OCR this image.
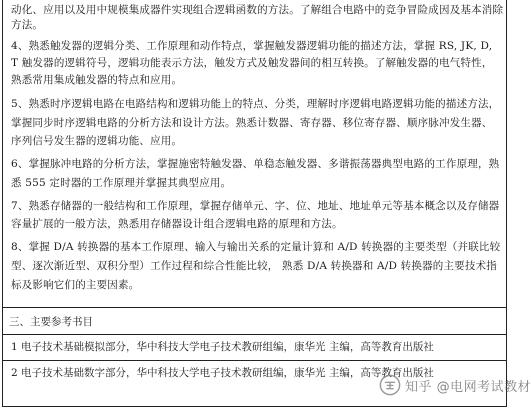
动化、应用以及用中规模集成器件实现组合逻辑函数的方法。了解组合电路中的竞争冒险成因及基本消除
方法。
4、熟悉触发器的逻辑分类、工作原理和动作特点，掌握触发器逻辑功能的描述方法，掌握 RS, JK, D,
T 触发器的逻辑符号，逻辑功能表示方法，触发方式及触发器间的相互转换。了解触发器的电气特性，
熟悉常用集成触发器的特点和应用。
5、熟悉时序逻辑电路在电路结构和逻辑功能上的特点、分类，理解时序逻辑电路逻辑功能的描述方法，
掌握同步时序逻辑电路的分析方法和设计方法。熟悉计数器、寄存器、移位寄存器、顺序脉冲发生器、
序列信号发生器的逻辑功能、应用。
6、掌握脉冲电路的分析方法，掌握施密特触发器、单稳态触发器、多谐振荡器典型电路的工作原理，熟
悉 555 定时器的工作原理并掌握其典型应用。
7、熟悉存储器的一般结构和工作原理，掌握存储单元、字、位、地址、地址单元等基本概念以及存储器
容量扩展的一般方法，熟悉用存储器设计组合逻辑电路的原理和方法。
8、掌握 D/A 转换器的基本工作原理、输入与输出关系的定量计算和 A/D 转换器的主要类型（并联比较
型、逐次渐近型、双积分型）工作过程和综合性能比较， 熟悉 D/A 转换器和 A/D 转换器的主要技术指
标及影响它们的主要因素。
三、主要参考书目
1 电子技术基础模拟部分，华中科技大学电子技术教研组编，康华光 主编，高等教育出版社
2 电子技术基础数字部分，华中科技大学电子技术教研组编，康华光 主编，高等教育出版社
知乎 @电网考试教材
